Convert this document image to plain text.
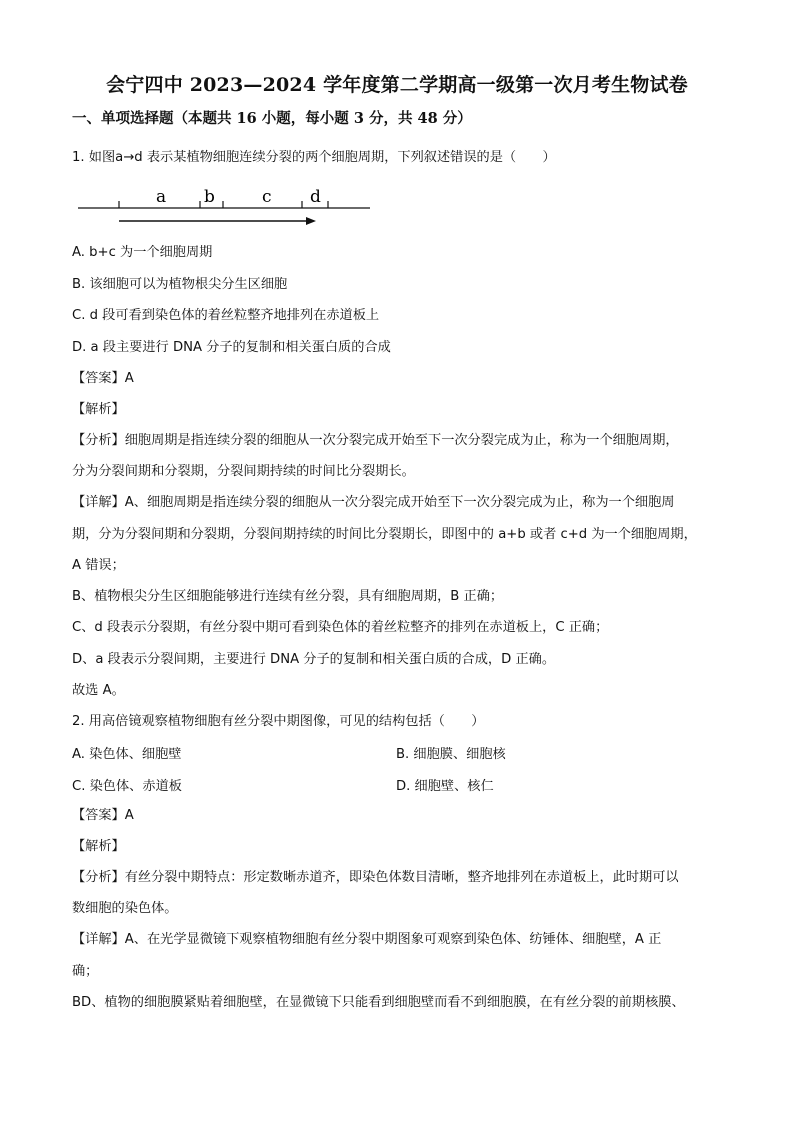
会宁四中 2023—2024 学年度第二学期高一级第一次月考生物试卷
一、单项选择题（本题共 16 小题，每小题 3 分，共 48 分）
1. 如图a→d 表示某植物细胞连续分裂的两个细胞周期，下列叙述错误的是（　　）
a b	c d
A. b+c 为一个细胞周期
B. 该细胞可以为植物根尖分生区细胞
C. d 段可看到染色体的着丝粒整齐地排列在赤道板上
D. a 段主要进行 DNA 分子的复制和相关蛋白质的合成
【答案】A
【解析】
【分析】细胞周期是指连续分裂的细胞从一次分裂完成开始至下一次分裂完成为止，称为一个细胞周期，
分为分裂间期和分裂期，分裂间期持续的时间比分裂期长。
【详解】A、细胞周期是指连续分裂的细胞从一次分裂完成开始至下一次分裂完成为止，称为一个细胞周
期，分为分裂间期和分裂期，分裂间期持续的时间比分裂期长，即图中的 a+b 或者 c+d 为一个细胞周期，
A 错误；
B、植物根尖分生区细胞能够进行连续有丝分裂，具有细胞周期，B 正确；
C、d 段表示分裂期，有丝分裂中期可看到染色体的着丝粒整齐的排列在赤道板上，C 正确；
D、a 段表示分裂间期，主要进行 DNA 分子的复制和相关蛋白质的合成，D 正确。
故选 A。
2. 用高倍镜观察植物细胞有丝分裂中期图像，可见的结构包括（　　）
A. 染色体、细胞壁	B. 细胞膜、细胞核
C. 染色体、赤道板	D. 细胞壁、核仁
【答案】A
【解析】
【分析】有丝分裂中期特点：形定数晰赤道齐，即染色体数目清晰，整齐地排列在赤道板上，此时期可以
数细胞的染色体。
【详解】A、在光学显微镜下观察植物细胞有丝分裂中期图象可观察到染色体、纺锤体、细胞壁，A 正
确；
BD、植物的细胞膜紧贴着细胞壁，在显微镜下只能看到细胞壁而看不到细胞膜，在有丝分裂的前期核膜、
